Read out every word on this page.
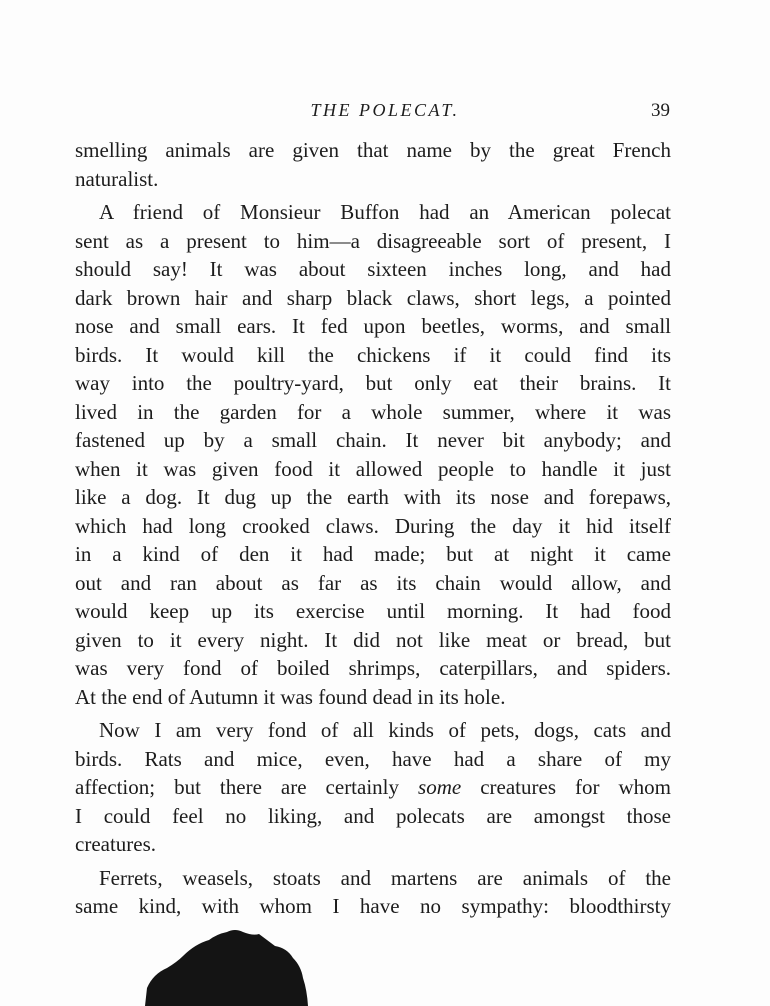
THE POLECAT.	39
smelling animals are given that name by the great French
naturalist.
A friend of Monsieur Buffon had an American polecat
sent as a present to him—a disagreeable sort of present, I
should say! It was about sixteen inches long, and had
dark brown hair and sharp black claws, short legs, a pointed
nose and small ears. It fed upon beetles, worms, and small
birds. It would kill the chickens if it could find its
way into the poultry-yard, but only eat their brains. It
lived in the garden for a whole summer, where it was
fastened up by a small chain. It never bit anybody; and
when it was given food it allowed people to handle it just
like a dog. It dug up the earth with its nose and forepaws,
which had long crooked claws. During the day it hid itself
in a kind of den it had made; but at night it came
out and ran about as far as its chain would allow, and
would keep up its exercise until morning. It had food
given to it every night. It did not like meat or bread, but
was very fond of boiled shrimps, caterpillars, and spiders.
At the end of Autumn it was found dead in its hole.
Now I am very fond of all kinds of pets, dogs, cats and
birds. Rats and mice, even, have had a share of my
affection; but there are certainly some creatures for whom
I could feel no liking, and polecats are amongst those
creatures.
Ferrets, weasels, stoats and martens are animals of the
same kind, with whom I have no sympathy: bloodthirsty
